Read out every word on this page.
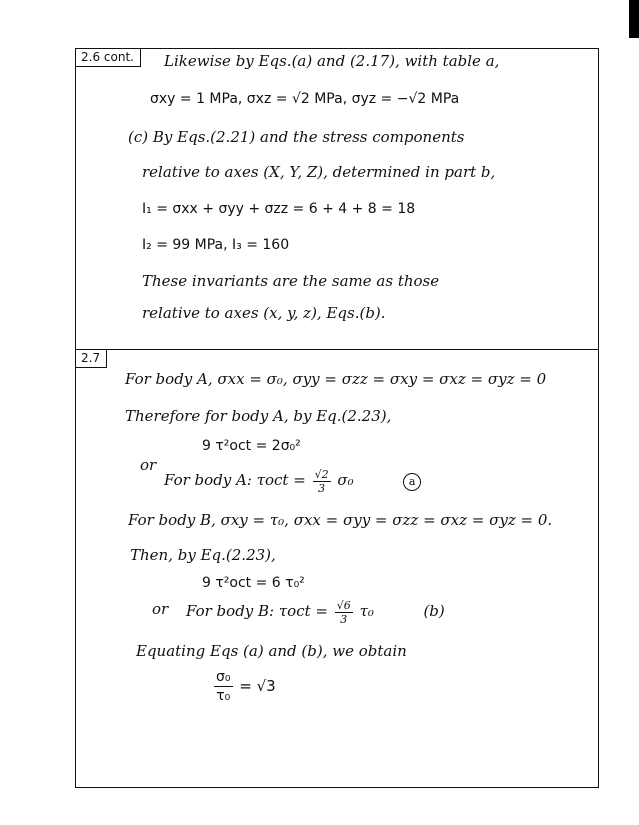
2.6 cont.	Likewise by Eqs.(a) and (2.17), with table a,
σxy = 1 MPa, σxz = √2 MPa, σyz = −√2 MPa
(c) By Eqs.(2.21) and the stress components
relative to axes (X, Y, Z), determined in part b,
I₁ = σxx + σyy + σzz = 6 + 4 + 8 = 18
I₂ = 99 MPa, I₃ = 160
These invariants are the same as those
relative to axes (x, y, z), Eqs.(b).
2.7
For body A, σxx = σ₀, σyy = σzz = σxy = σxz = σyz = 0
Therefore for body A, by Eq.(2.23),
9 τ²oct = 2σ₀²
or
For body A: $\tau oct = \frac{√2}{3} \sigma_0$	a
For body B, σxy = τ₀, σxx = σyy = σzz = σxz = σyz = 0.
Then, by Eq.(2.23),
9 τ²oct = 6 τ₀²
or For body B: $\tau oct = \frac{√6}{3} \tau_0$	(b)
Equating Eqs (a) and (b), we obtain
$\frac{\text{σ₀}}{\text{τ₀}} = √3$
